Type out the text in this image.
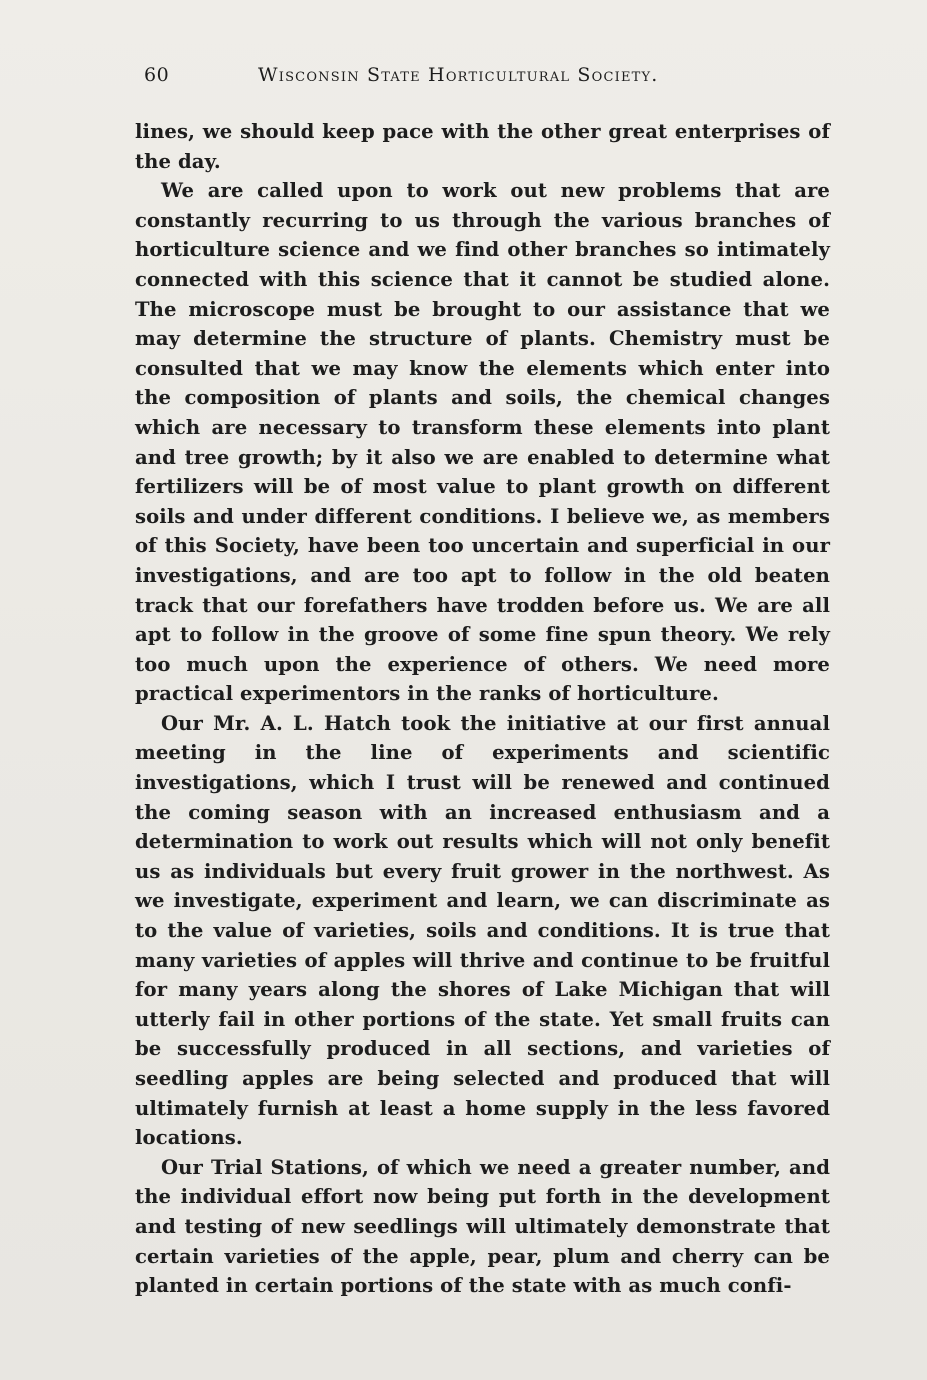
60	Wisconsin State Horticultural Society.

lines, we should keep pace with the other great enterprises of the day.

We are called upon to work out new problems that are constantly recurring to us through the various branches of horticulture science and we find other branches so intimately connected with this science that it cannot be studied alone. The microscope must be brought to our assistance that we may determine the structure of plants. Chemistry must be consulted that we may know the elements which enter into the composition of plants and soils, the chemical changes which are necessary to transform these elements into plant and tree growth; by it also we are enabled to determine what fertilizers will be of most value to plant growth on different soils and under different conditions. I believe we, as members of this Society, have been too uncertain and superficial in our investigations, and are too apt to follow in the old beaten track that our forefathers have trodden before us. We are all apt to follow in the groove of some fine spun theory. We rely too much upon the experience of others. We need more practical experimentors in the ranks of horticulture.

Our Mr. A. L. Hatch took the initiative at our first annual meeting in the line of experiments and scientific investigations, which I trust will be renewed and continued the coming season with an increased enthusiasm and a determination to work out results which will not only benefit us as individuals but every fruit grower in the northwest. As we investigate, experiment and learn, we can discriminate as to the value of varieties, soils and conditions. It is true that many varieties of apples will thrive and continue to be fruitful for many years along the shores of Lake Michigan that will utterly fail in other portions of the state. Yet small fruits can be successfully produced in all sections, and varieties of seedling apples are being selected and produced that will ultimately furnish at least a home supply in the less favored locations.

Our Trial Stations, of which we need a greater number, and the individual effort now being put forth in the development and testing of new seedlings will ultimately demonstrate that certain varieties of the apple, pear, plum and cherry can be planted in certain portions of the state with as much confi-
